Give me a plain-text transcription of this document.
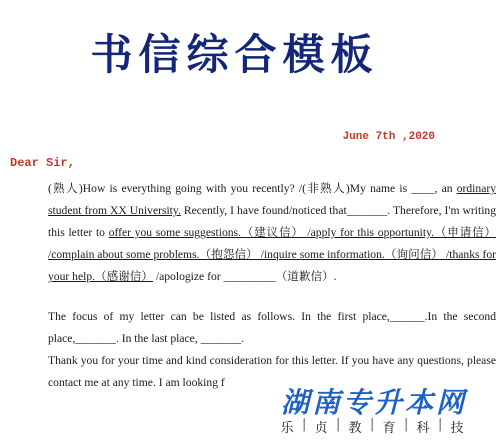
书信综合模板
June 7th ,2020
Dear Sir,
(熟人)How is everything going with you recently? /(非熟人)My name is ____, an ordinary student from XX University. Recently, I have found/noticed that_______. Therefore, I'm writing this letter to offer you some suggestions.（建议信） /apply for this opportunity.（申请信） /complain about some problems.（抱怨信） /inquire some information.（询问信） /thanks for your help.（感谢信） /apologize for _________（道歉信）.
The focus of my letter can be listed as follows. In the first place,______.In the second place,_______. In the last place, _______.
Thank you for your time and kind consideration for this letter. If you have any questions, please contact me at any time. I am looking f
湖南专升本网
乐 | 贞 | 教 | 育 | 科 | 技
